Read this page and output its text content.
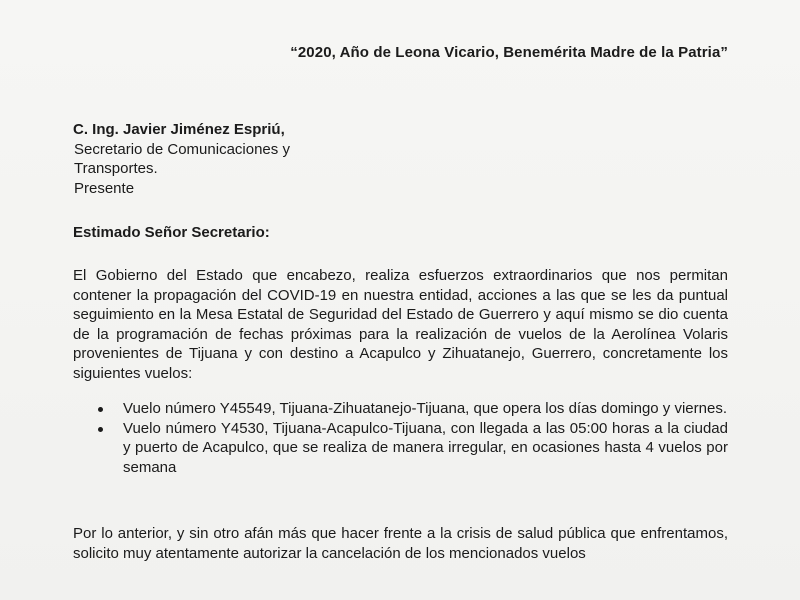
“2020, Año de Leona Vicario, Benemérita Madre de la Patria”
C. Ing. Javier Jiménez Espriú,
Secretario de Comunicaciones y
Transportes.
Presente
Estimado Señor Secretario:
El Gobierno del Estado que encabezo, realiza esfuerzos extraordinarios que nos permitan contener la propagación del COVID-19 en nuestra entidad, acciones a las que se les da puntual seguimiento en la Mesa Estatal de Seguridad del Estado de Guerrero y aquí mismo se dio cuenta de la programación de fechas próximas para la realización de vuelos de la Aerolínea Volaris provenientes de Tijuana y con destino a Acapulco y Zihuatanejo, Guerrero, concretamente los siguientes vuelos:
Vuelo número Y45549, Tijuana-Zihuatanejo-Tijuana, que opera los días domingo y viernes.
Vuelo número Y4530, Tijuana-Acapulco-Tijuana, con llegada a las 05:00 horas a la ciudad y puerto de Acapulco, que se realiza de manera irregular, en ocasiones hasta 4 vuelos por semana
Por lo anterior, y sin otro afán más que hacer frente a la crisis de salud pública que enfrentamos, solicito muy atentamente autorizar la cancelación de los mencionados vuelos
